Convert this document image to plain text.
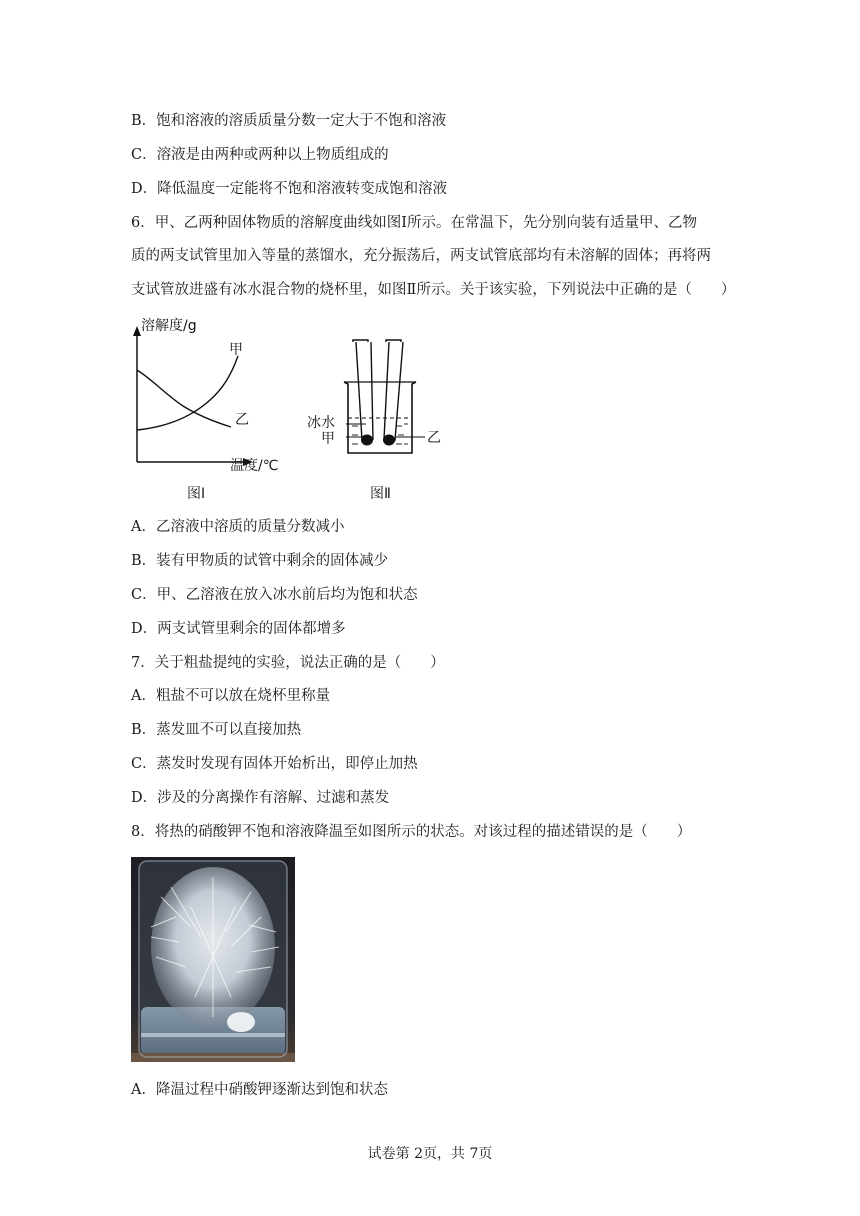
B．饱和溶液的溶质质量分数一定大于不饱和溶液
C．溶液是由两种或两种以上物质组成的
D．降低温度一定能将不饱和溶液转变成饱和溶液
6．甲、乙两种固体物质的溶解度曲线如图Ⅰ所示。在常温下，先分别向装有适量甲、乙物
质的两支试管里加入等量的蒸馏水，充分振荡后，两支试管底部均有未溶解的固体；再将两
支试管放进盛有冰水混合物的烧杯里，如图Ⅱ所示。关于该实验，下列说法中正确的是（　　）
溶解度/g
甲
乙
温度/℃
图Ⅰ
冰水
甲	乙
图Ⅱ
A．乙溶液中溶质的质量分数减小
B．装有甲物质的试管中剩余的固体减少
C．甲、乙溶液在放入冰水前后均为饱和状态
D．两支试管里剩余的固体都增多
7．关于粗盐提纯的实验，说法正确的是（　　）
A．粗盐不可以放在烧杯里称量
B．蒸发皿不可以直接加热
C．蒸发时发现有固体开始析出，即停止加热
D．涉及的分离操作有溶解、过滤和蒸发
8．将热的硝酸钾不饱和溶液降温至如图所示的状态。对该过程的描述错误的是（　　）
A．降温过程中硝酸钾逐渐达到饱和状态
试卷第 2页，共 7页
